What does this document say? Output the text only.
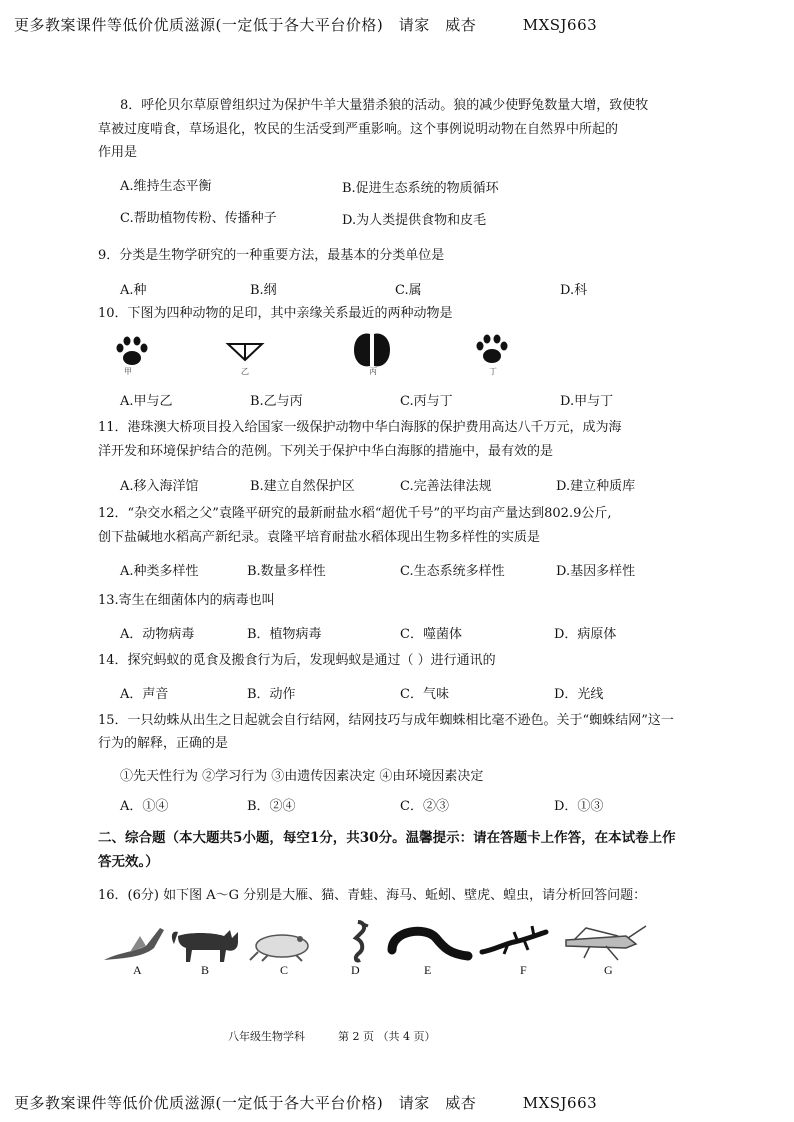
更多教案课件等低价优质滋源(一定低于各大平台价格)　请家　威杏　　　MXSJ663
8．呼伦贝尔草原曾组织过为保护牛羊大量猎杀狼的活动。狼的减少使野兔数量大增，致使牧
草被过度啃食，草场退化，牧民的生活受到严重影响。这个事例说明动物在自然界中所起的
作用是
A.维持生态平衡	B.促进生态系统的物质循环
C.帮助植物传粉、传播种子	D.为人类提供食物和皮毛
9．分类是生物学研究的一种重要方法，最基本的分类单位是
A.种	B.纲	C.属	D.科
10．下图为四种动物的足印，其中亲缘关系最近的两种动物是
甲	乙	丙	丁
A.甲与乙	B.乙与丙	C.丙与丁	D.甲与丁
11．港珠澳大桥项目投入给国家一级保护动物中华白海豚的保护费用高达八千万元，成为海
洋开发和环境保护结合的范例。下列关于保护中华白海豚的措施中，最有效的是
A.移入海洋馆	B.建立自然保护区	C.完善法律法规	D.建立种质库
12．“杂交水稻之父”袁隆平研究的最新耐盐水稻“超优千号”的平均亩产量达到802.9公斤,
创下盐碱地水稻高产新纪录。袁隆平培育耐盐水稻体现出生物多样性的实质是
A.种类多样性	B.数量多样性	C.生态系统多样性	D.基因多样性
13.寄生在细菌体内的病毒也叫
A．动物病毒	B．植物病毒	C．噬菌体	D．病原体
14．探究蚂蚁的觅食及搬食行为后，发现蚂蚁是通过（ ）进行通讯的
A．声音	B．动作	C．气味	D．光线
15．一只幼蛛从出生之日起就会自行结网，结网技巧与成年蜘蛛相比毫不逊色。关于“蜘蛛结网”这一
行为的解释，正确的是
①先天性行为 ②学习行为 ③由遗传因素决定 ④由环境因素决定
A．①④	B．②④	C．②③	D．①③
二、综合题（本大题共5小题，每空1分，共30分。温馨提示：请在答题卡上作答，在本试卷上作
答无效。）
16．(6分) 如下图 A～G 分别是大雁、猫、青蛙、海马、蚯蚓、壁虎、蝗虫，请分析回答问题：
A	B	C	D	E	F	G
八年级生物学科　　　第 2 页 （共 4 页）
更多教案课件等低价优质滋源(一定低于各大平台价格)　请家　威杏　　　MXSJ663
